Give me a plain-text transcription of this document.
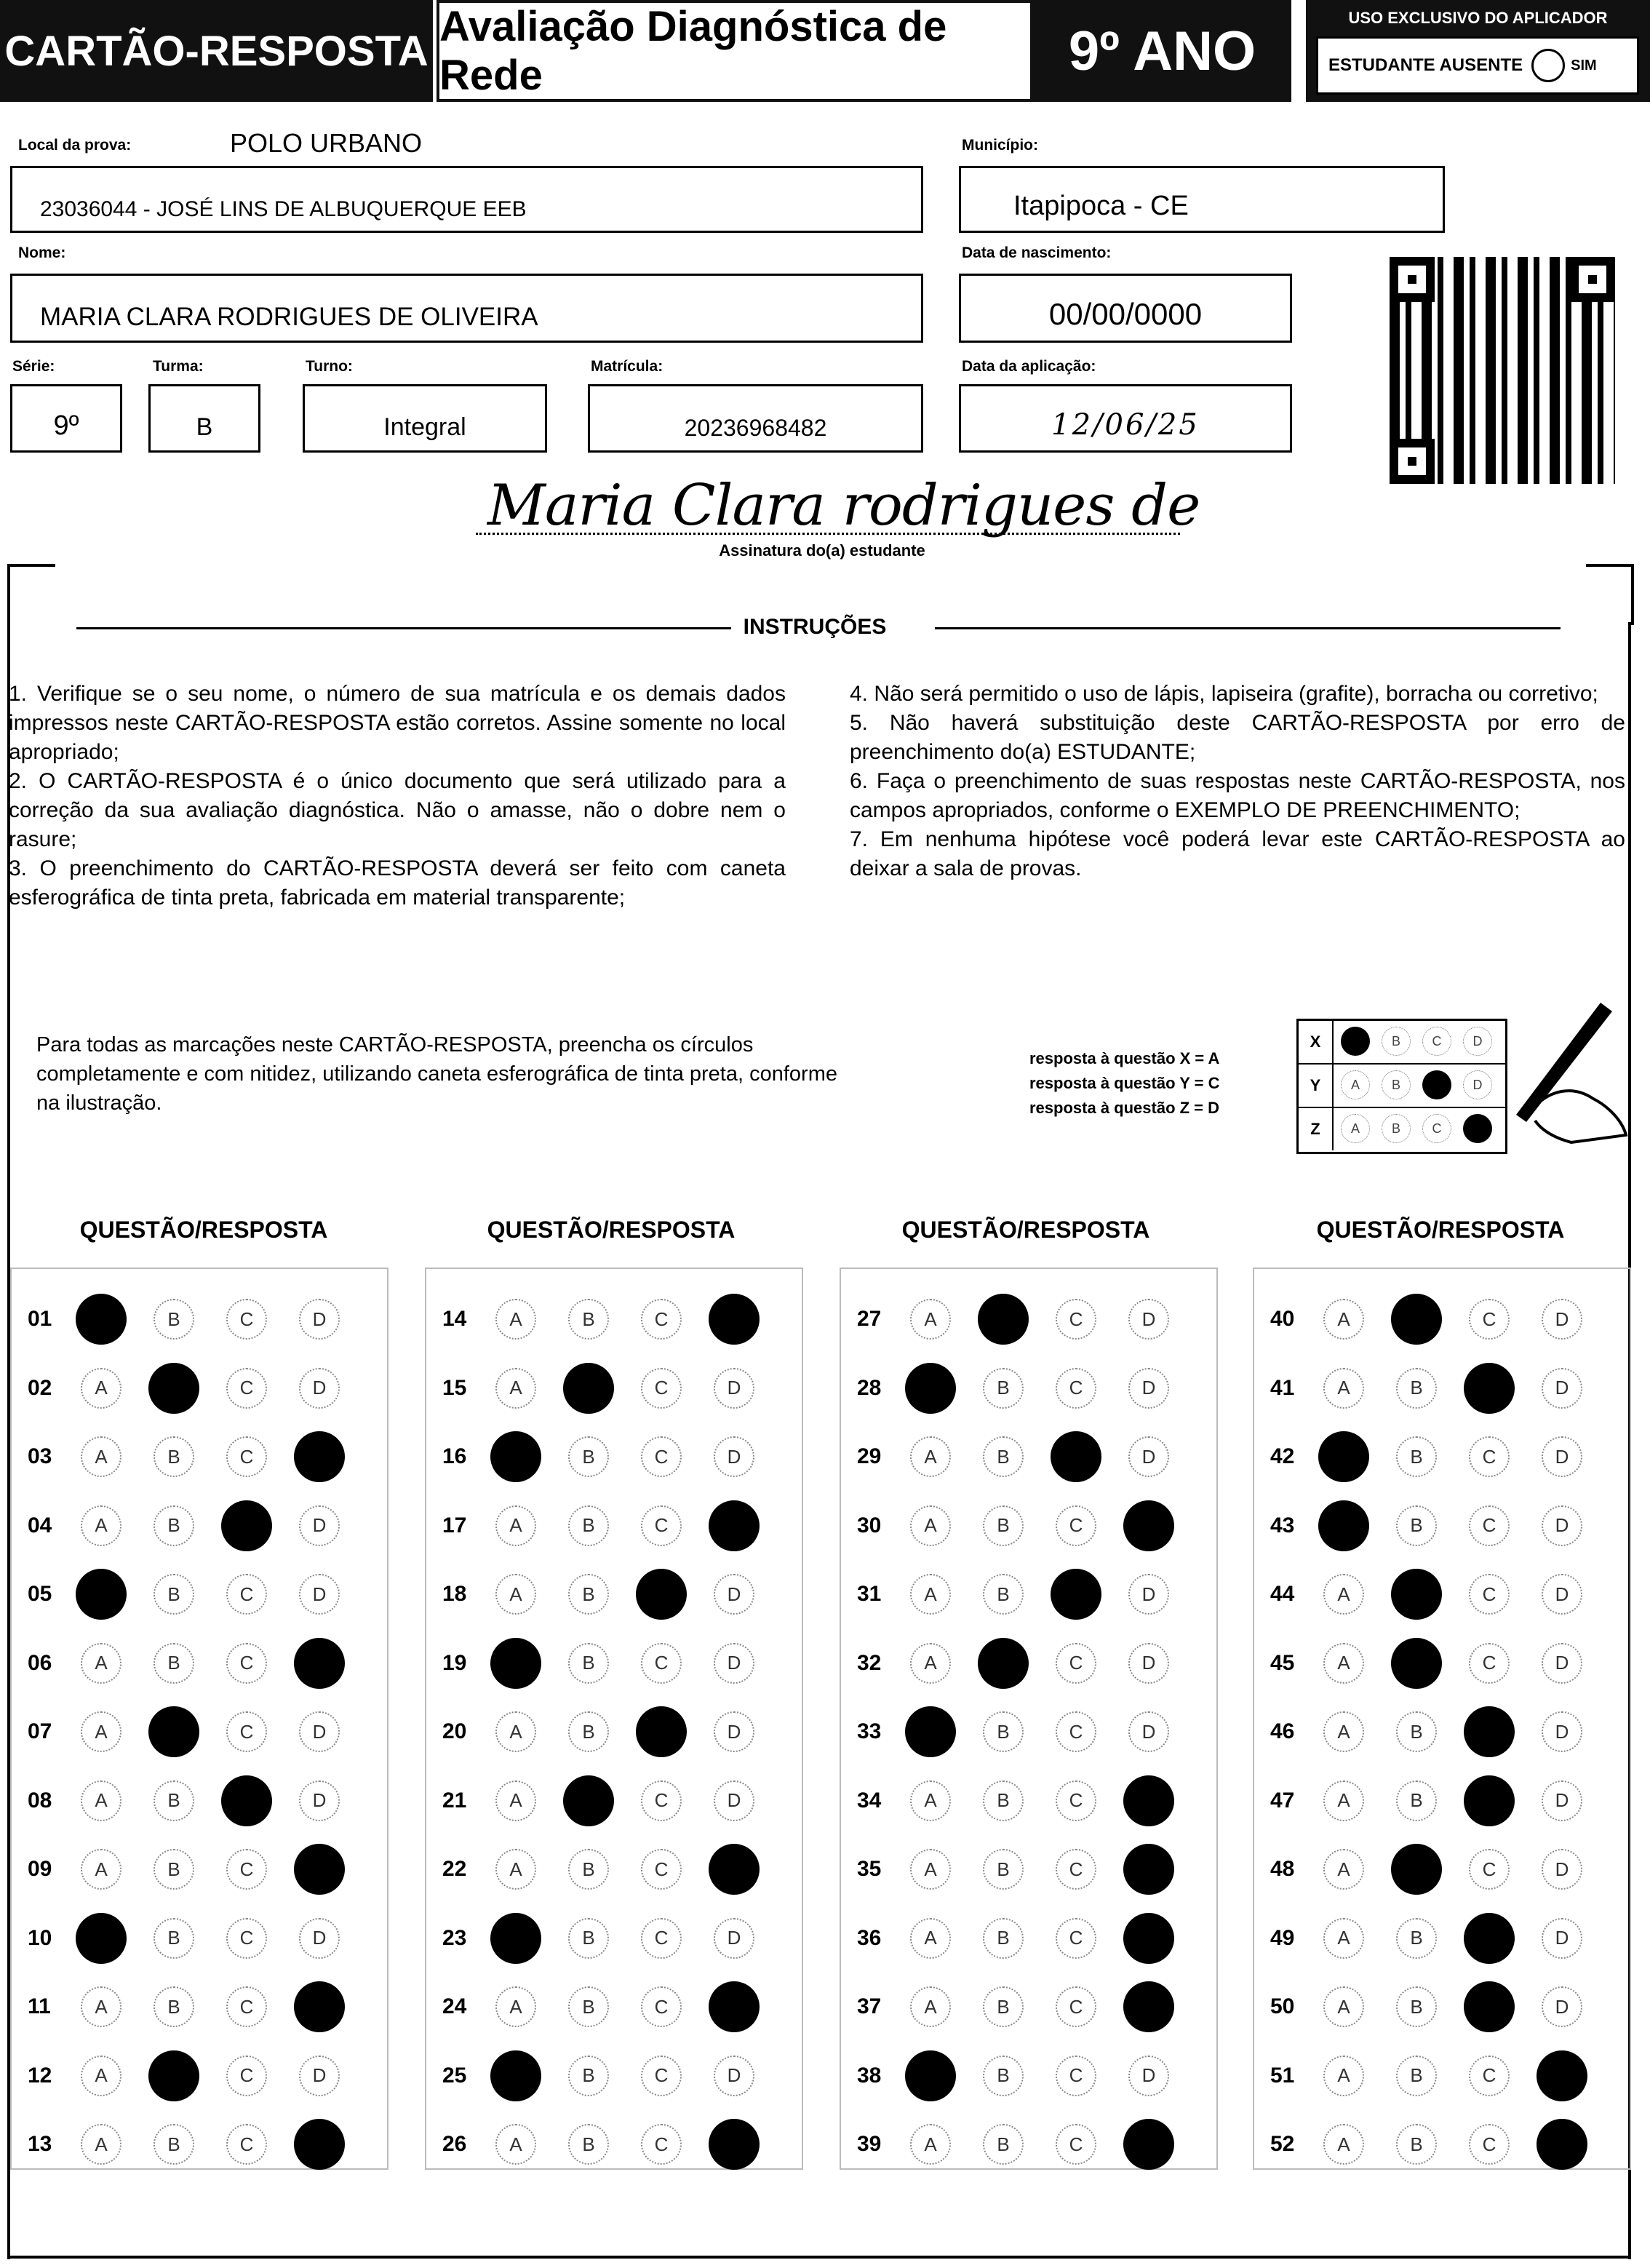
CARTÃO-RESPOSTA
Avaliação Diagnóstica de Rede	9º ANO
USO EXCLUSIVO DO APLICADOR
ESTUDANTE AUSENTE	SIM
Local da prova:	POLO URBANO
23036044 - JOSÉ LINS DE ALBUQUERQUE EEB
Município:
Itapipoca - CE
Nome:
MARIA CLARA RODRIGUES DE OLIVEIRA
Data de nascimento:
00/00/0000
Série:
9º
Turma:
B
Turno:
Integral
Matrícula:
20236968482
Data da aplicação:
12/06/25
Maria Clara rodrigues de
Assinatura do(a) estudante
INSTRUÇÕES

1. Verifique se o seu nome, o número de sua matrícula e os demais dados impressos neste CARTÃO-RESPOSTA estão corretos. Assine somente no local apropriado;

2. O CARTÃO-RESPOSTA é o único documento que será utilizado para a correção da sua avaliação diagnóstica. Não o amasse, não o dobre nem o rasure;

3. O preenchimento do CARTÃO-RESPOSTA deverá ser feito com caneta esferográfica de tinta preta, fabricada em material transparente;

4. Não será permitido o uso de lápis, lapiseira (grafite), borracha ou corretivo;

5. Não haverá substituição deste CARTÃO-RESPOSTA por erro de preenchimento do(a) ESTUDANTE;

6. Faça o preenchimento de suas respostas neste CARTÃO-RESPOSTA, nos campos apropriados, conforme o EXEMPLO DE PREENCHIMENTO;

7. Em nenhuma hipótese você poderá levar este CARTÃO-RESPOSTA ao deixar a sala de provas.

Para todas as marcações neste CARTÃO-RESPOSTA, preencha os círculos completamente e com nitidez, utilizando caneta esferográfica de tinta preta, conforme na ilustração.
resposta à questão X = A
resposta à questão Y = C
resposta à questão Z = D
X	A	B	C	D
Y	A	B	C	D
Z	A	B	C	D
QUESTÃO/RESPOSTA	QUESTÃO/RESPOSTA	QUESTÃO/RESPOSTA	QUESTÃO/RESPOSTA
01	A	B	C	D
02	A	B	C	D
03	A	B	C	D
04	A	B	C	D
05	A	B	C	D
06	A	B	C	D
07	A	B	C	D
08	A	B	C	D
09	A	B	C	D
10	A	B	C	D
11	A	B	C	D
12	A	B	C	D
13	A	B	C	D
14	A	B	C	D
15	A	B	C	D
16	A	B	C	D
17	A	B	C	D
18	A	B	C	D
19	A	B	C	D
20	A	B	C	D
21	A	B	C	D
22	A	B	C	D
23	A	B	C	D
24	A	B	C	D
25	A	B	C	D
26	A	B	C	D
27	A	B	C	D
28	A	B	C	D
29	A	B	C	D
30	A	B	C	D
31	A	B	C	D
32	A	B	C	D
33	A	B	C	D
34	A	B	C	D
35	A	B	C	D
36	A	B	C	D
37	A	B	C	D
38	A	B	C	D
39	A	B	C	D
40	A	B	C	D
41	A	B	C	D
42	A	B	C	D
43	A	B	C	D
44	A	B	C	D
45	A	B	C	D
46	A	B	C	D
47	A	B	C	D
48	A	B	C	D
49	A	B	C	D
50	A	B	C	D
51	A	B	C	D
52	A	B	C	D
